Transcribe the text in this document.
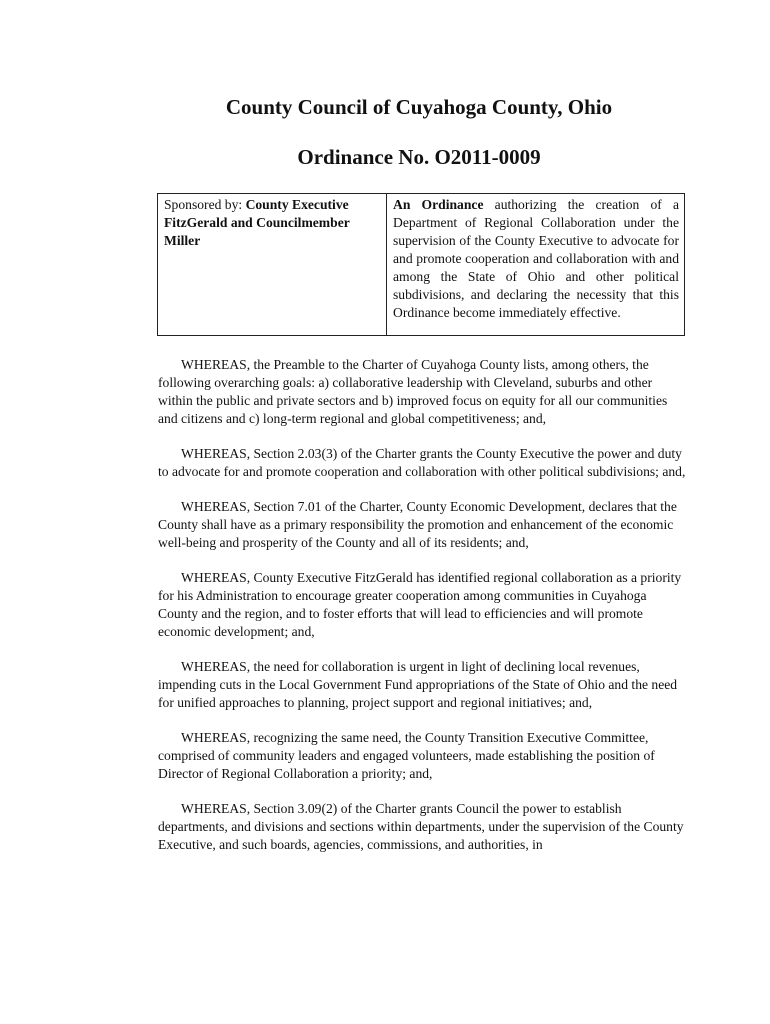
County Council of Cuyahoga County, Ohio
Ordinance No. O2011-0009
Sponsored by: County Executive FitzGerald and Councilmember Miller
An Ordinance authorizing the creation of a Department of Regional Collaboration under the supervision of the County Executive to advocate for and promote cooperation and collaboration with and among the State of Ohio and other political subdivisions, and declaring the necessity that this Ordinance become immediately effective.

WHEREAS, the Preamble to the Charter of Cuyahoga County lists, among others, the following overarching goals: a) collaborative leadership with Cleveland, suburbs and other within the public and private sectors and b) improved focus on equity for all our communities and citizens and c) long-term regional and global competitiveness; and,

WHEREAS, Section 2.03(3) of the Charter grants the County Executive the power and duty to advocate for and promote cooperation and collaboration with other political subdivisions; and,

WHEREAS, Section 7.01 of the Charter, County Economic Development, declares that the County shall have as a primary responsibility the promotion and enhancement of the economic well-being and prosperity of the County and all of its residents; and,

WHEREAS, County Executive FitzGerald has identified regional collaboration as a priority for his Administration to encourage greater cooperation among communities in Cuyahoga County and the region, and to foster efforts that will lead to efficiencies and will promote economic development; and,

WHEREAS, the need for collaboration is urgent in light of declining local revenues, impending cuts in the Local Government Fund appropriations of the State of Ohio and the need for unified approaches to planning, project support and regional initiatives; and,

WHEREAS, recognizing the same need, the County Transition Executive Committee, comprised of community leaders and engaged volunteers, made establishing the position of Director of Regional Collaboration a priority; and,

WHEREAS, Section 3.09(2) of the Charter grants Council the power to establish departments, and divisions and sections within departments, under the supervision of the County Executive, and such boards, agencies, commissions, and authorities, in
